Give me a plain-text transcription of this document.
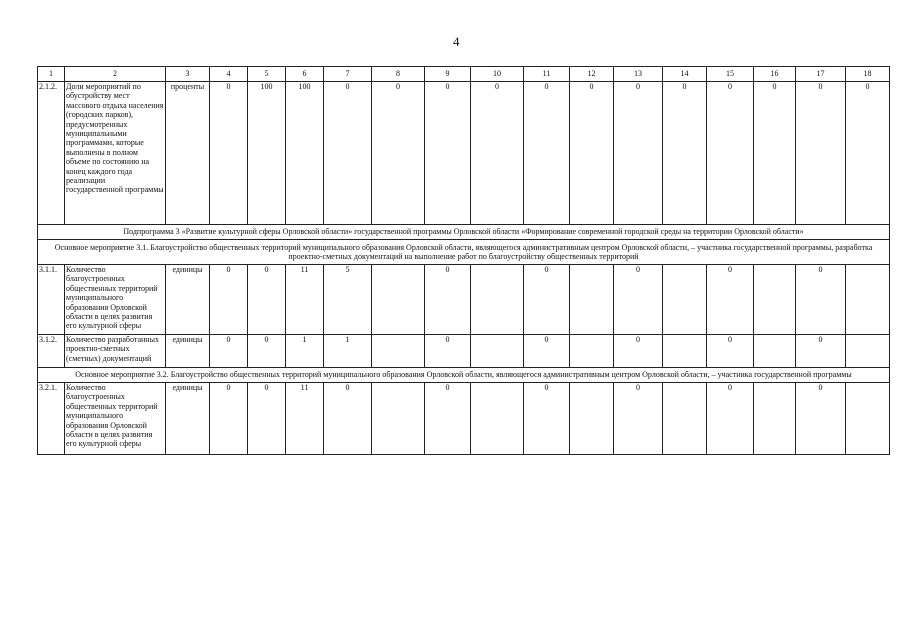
4
1	2	3	4	5	6	7	8	9	10	11	12	13	14	15	16	17	18
2.1.2.	Доли мероприятий по обустройству мест массового отдыха населения (городских парков), предусмотренных муниципальными программами, которые выполнены в полном объеме по состоянию на конец каждого года реализации государственной программы	проценты	0	100	100	0	0	0	0	0	0	0	0	0	0	0	0
Подпрограмма 3 «Развитие культурной сферы Орловской области» государственной программы Орловской области «Формирование современной городской среды на территории Орловской области»																	
Основное мероприятие 3.1. Благоустройство общественных территорий муниципального образования Орловской области, являющегося административным центром Орловской области, – участника государственной программы, разработка проектно-сметных документаций на выполнение работ по благоустройству общественных территорий																	
3.1.1.	Количество благоустроенных общественных территорий муниципального образования Орловской области в целях развития его культурной сферы	единицы	0	0	11	5		0		0		0		0		0	
3.1.2.	Количество разработанных проектно-сметных (сметных) документаций	единицы	0	0	1	1		0		0		0		0		0	
Основное мероприятие 3.2. Благоустройство общественных территорий муниципального образования Орловской области, являющегося административным центром Орловской области, – участника государственной программы																	
3.2.1.	Количество благоустроенных общественных территорий муниципального образования Орловской области в целях развития его культурной сферы	единицы	0	0	11	0		0		0		0		0		0	
